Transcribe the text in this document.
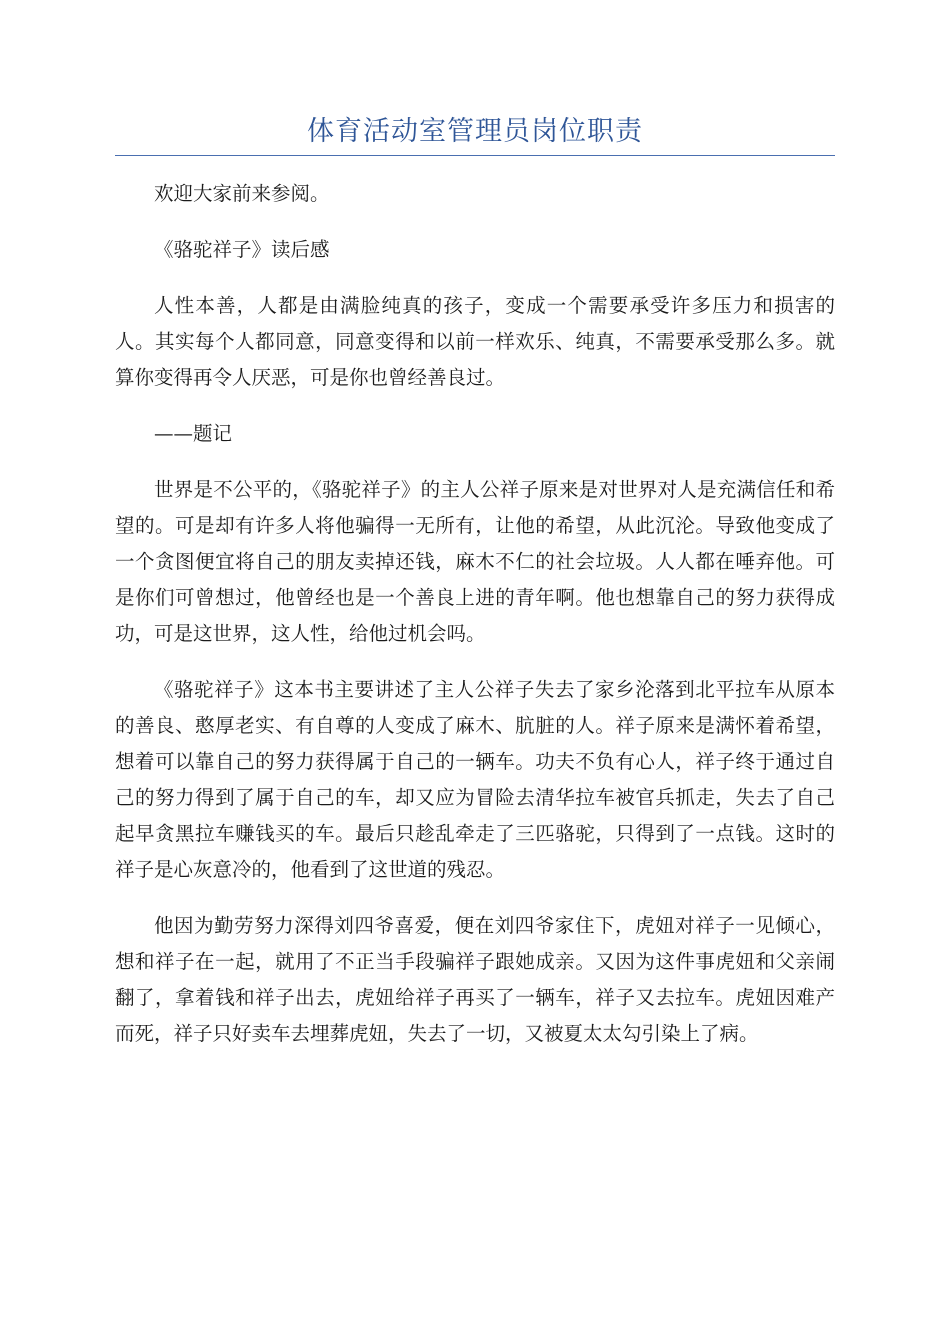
体育活动室管理员岗位职责

欢迎大家前来参阅。

《骆驼祥子》读后感

人性本善，人都是由满脸纯真的孩子，变成一个需要承受许多压力和损害的人。其实每个人都同意，同意变得和以前一样欢乐、纯真，不需要承受那么多。就算你变得再令人厌恶，可是你也曾经善良过。

——题记

世界是不公平的，《骆驼祥子》的主人公祥子原来是对世界对人是充满信任和希望的。可是却有许多人将他骗得一无所有，让他的希望，从此沉沦。导致他变成了一个贪图便宜将自己的朋友卖掉还钱，麻木不仁的社会垃圾。人人都在唾弃他。可是你们可曾想过，他曾经也是一个善良上进的青年啊。他也想靠自己的努力获得成功，可是这世界，这人性，给他过机会吗。

《骆驼祥子》这本书主要讲述了主人公祥子失去了家乡沦落到北平拉车从原本的善良、憨厚老实、有自尊的人变成了麻木、肮脏的人。祥子原来是满怀着希望，想着可以靠自己的努力获得属于自己的一辆车。功夫不负有心人，祥子终于通过自己的努力得到了属于自己的车，却又应为冒险去清华拉车被官兵抓走，失去了自己起早贪黑拉车赚钱买的车。最后只趁乱牵走了三匹骆驼，只得到了一点钱。这时的祥子是心灰意冷的，他看到了这世道的残忍。

他因为勤劳努力深得刘四爷喜爱，便在刘四爷家住下，虎妞对祥子一见倾心，想和祥子在一起，就用了不正当手段骗祥子跟她成亲。又因为这件事虎妞和父亲闹翻了，拿着钱和祥子出去，虎妞给祥子再买了一辆车，祥子又去拉车。虎妞因难产而死，祥子只好卖车去埋葬虎妞，失去了一切，又被夏太太勾引染上了病。
